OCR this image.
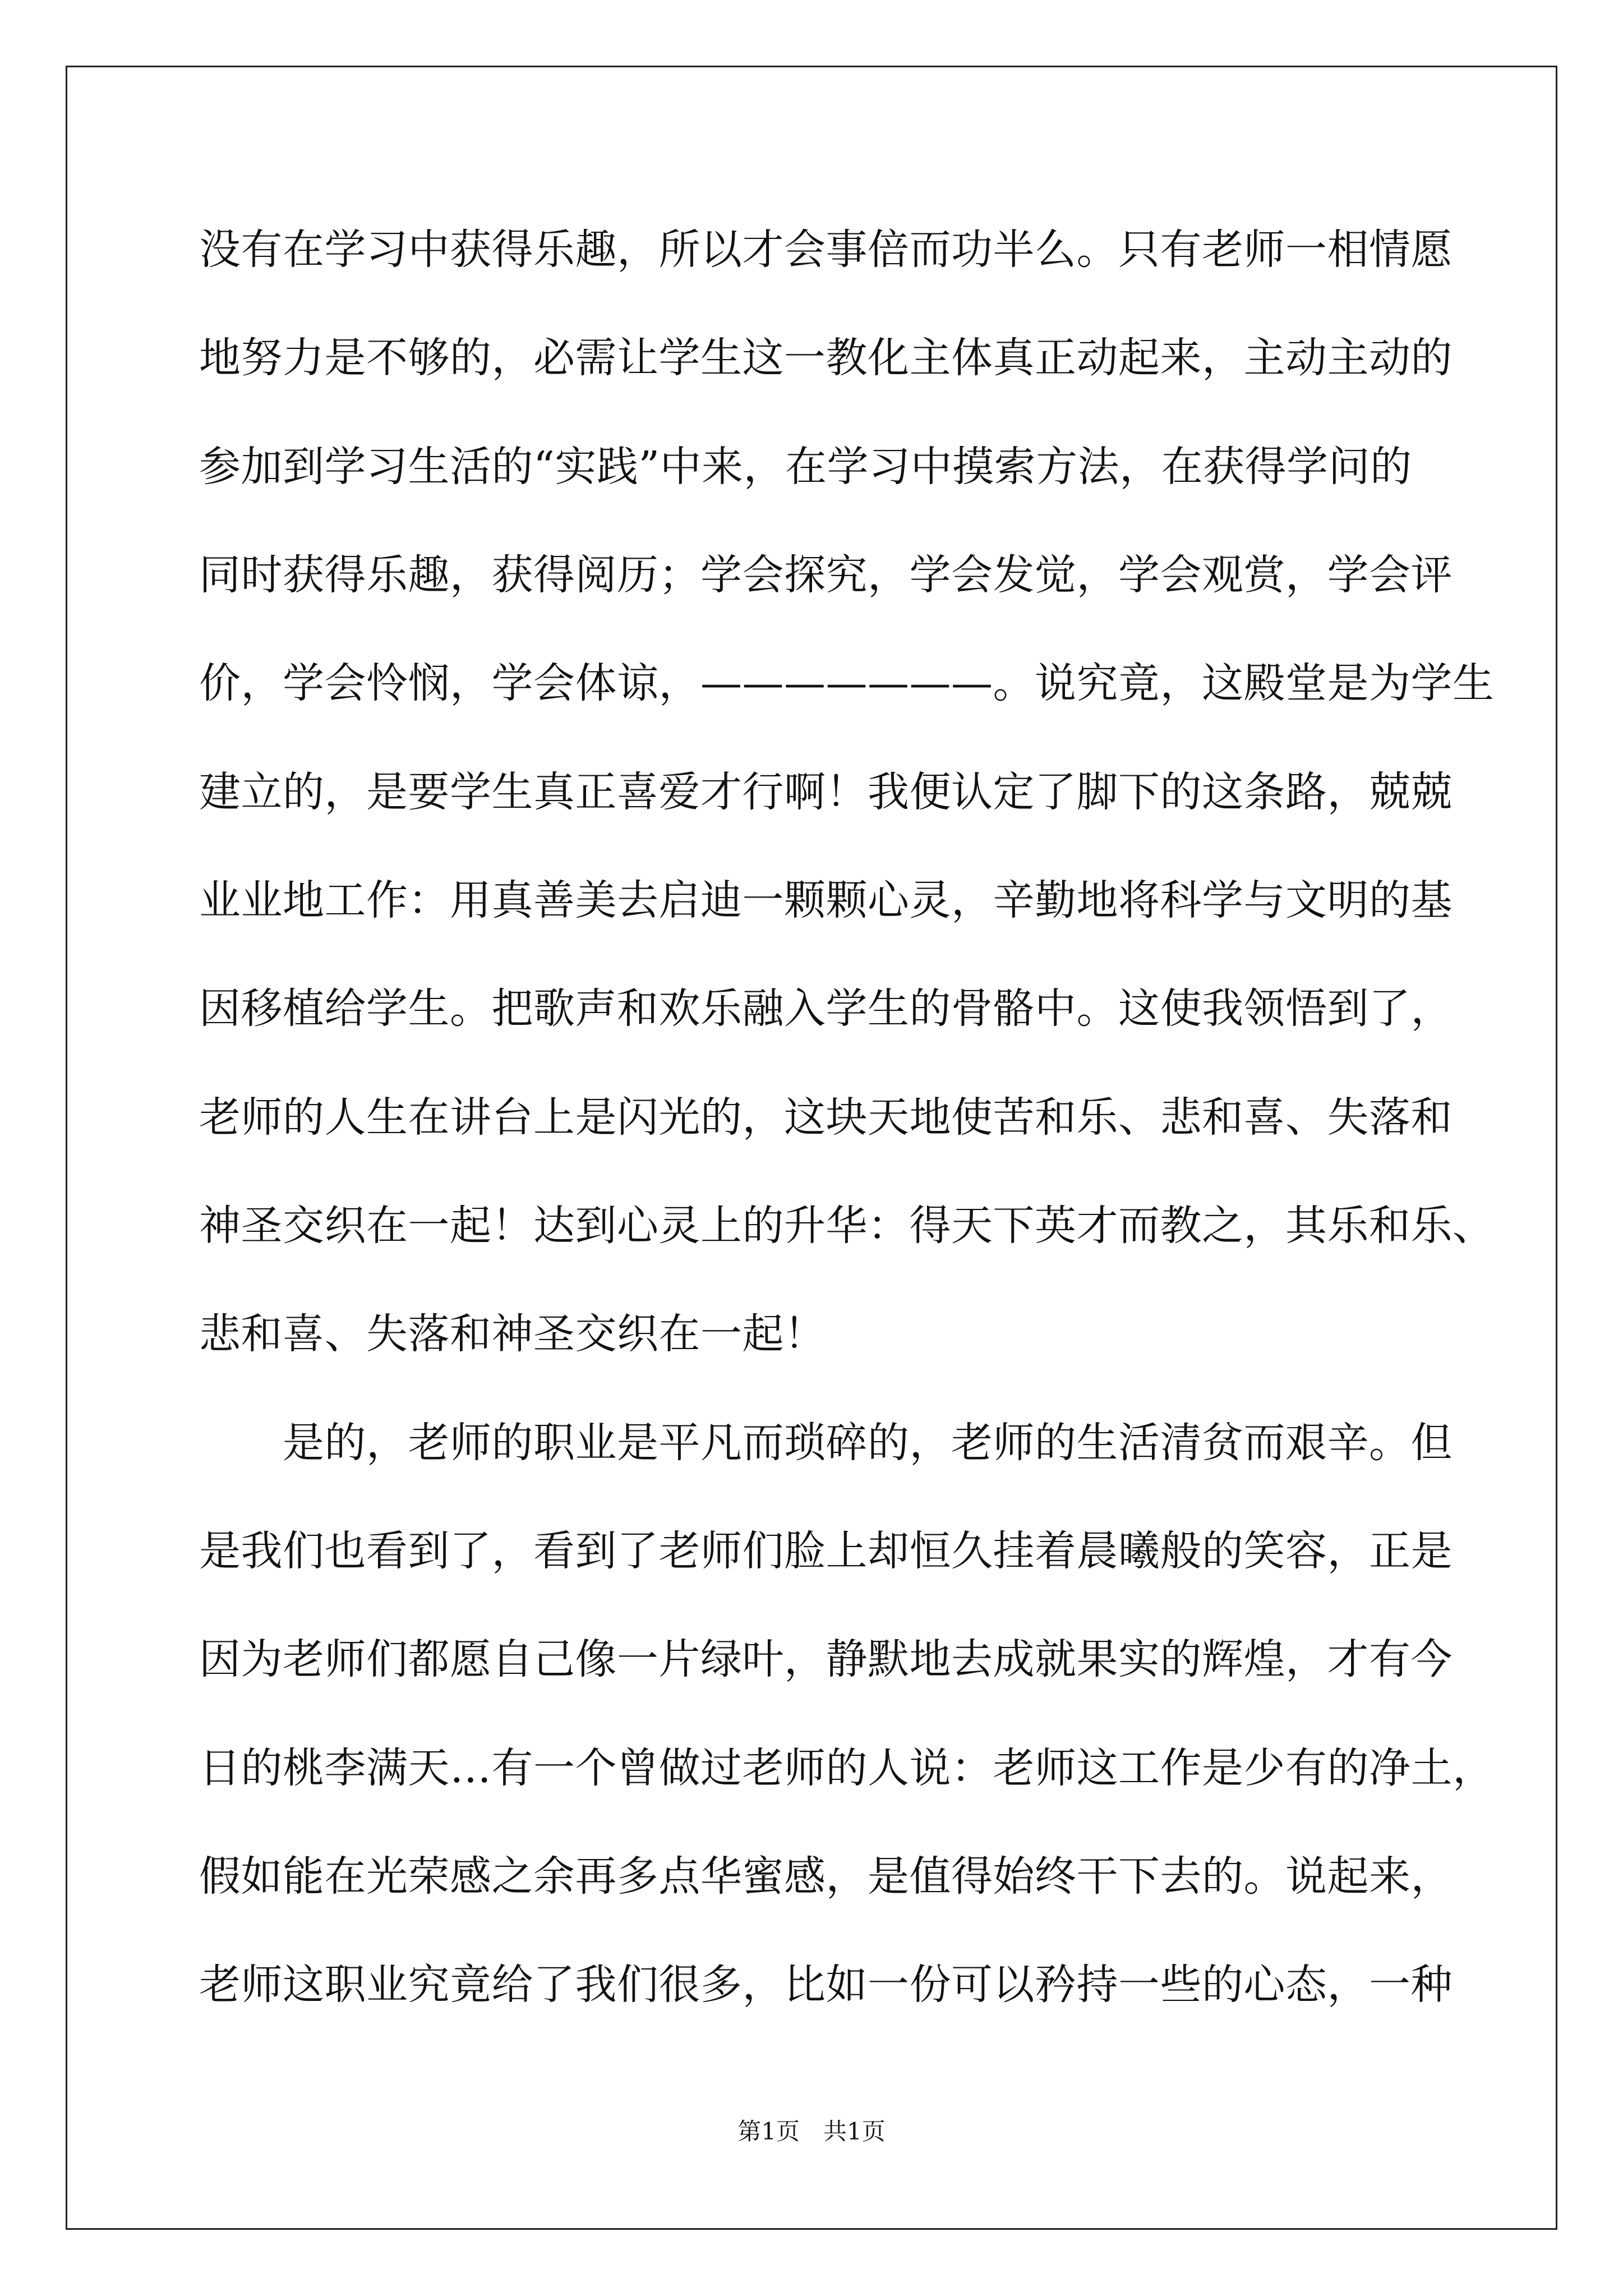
没有在学习中获得乐趣，所以才会事倍而功半么。只有老师一相情愿
地努力是不够的，必需让学生这一教化主体真正动起来，主动主动的
参加到学习生活的“实践”中来，在学习中摸索方法，在获得学问的
同时获得乐趣，获得阅历；学会探究，学会发觉，学会观赏，学会评
价，学会怜悯，学会体谅，———————。说究竟，这殿堂是为学生
建立的，是要学生真正喜爱才行啊！我便认定了脚下的这条路，兢兢
业业地工作：用真善美去启迪一颗颗心灵，辛勤地将科学与文明的基
因移植给学生。把歌声和欢乐融入学生的骨骼中。这使我领悟到了，
老师的人生在讲台上是闪光的，这块天地使苦和乐、悲和喜、失落和
神圣交织在一起！达到心灵上的升华：得天下英才而教之，其乐和乐、
悲和喜、失落和神圣交织在一起！
　　是的，老师的职业是平凡而琐碎的，老师的生活清贫而艰辛。但
是我们也看到了，看到了老师们脸上却恒久挂着晨曦般的笑容，正是
因为老师们都愿自己像一片绿叶，静默地去成就果实的辉煌，才有今
日的桃李满天…有一个曾做过老师的人说：老师这工作是少有的净土，
假如能在光荣感之余再多点华蜜感，是值得始终干下去的。说起来，
老师这职业究竟给了我们很多，比如一份可以矜持一些的心态，一种
第1页　共1页
